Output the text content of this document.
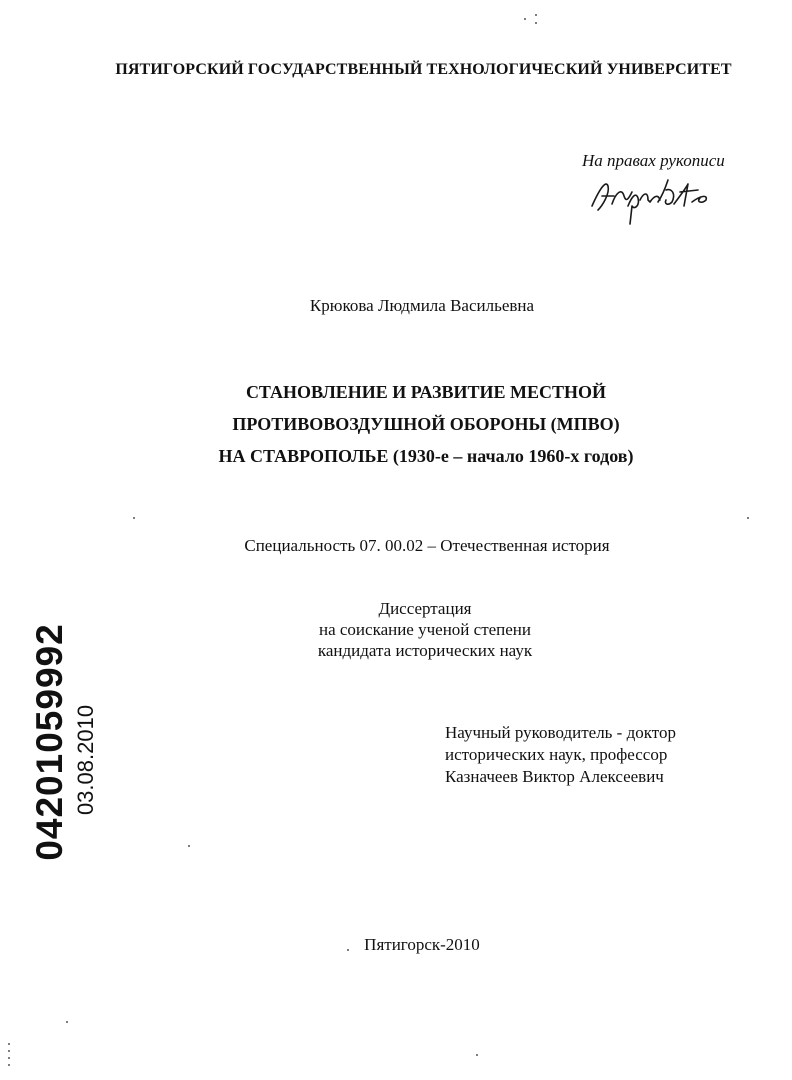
ПЯТИГОРСКИЙ ГОСУДАРСТВЕННЫЙ ТЕХНОЛОГИЧЕСКИЙ УНИВЕРСИТЕТ
На правах рукописи
Крюкова Людмила Васильевна
СТАНОВЛЕНИЕ И РАЗВИТИЕ МЕСТНОЙ
ПРОТИВОВОЗДУШНОЙ ОБОРОНЫ (МПВО)
НА СТАВРОПОЛЬЕ (1930-е – начало 1960-х годов)
Специальность 07. 00.02 – Отечественная история
Диссертация
на соискание ученой степени
кандидата исторических наук
Научный руководитель - доктор
исторических наук, профессор
Казначеев Виктор Алексеевич
Пятигорск-2010
04201059992 03.08.2010
